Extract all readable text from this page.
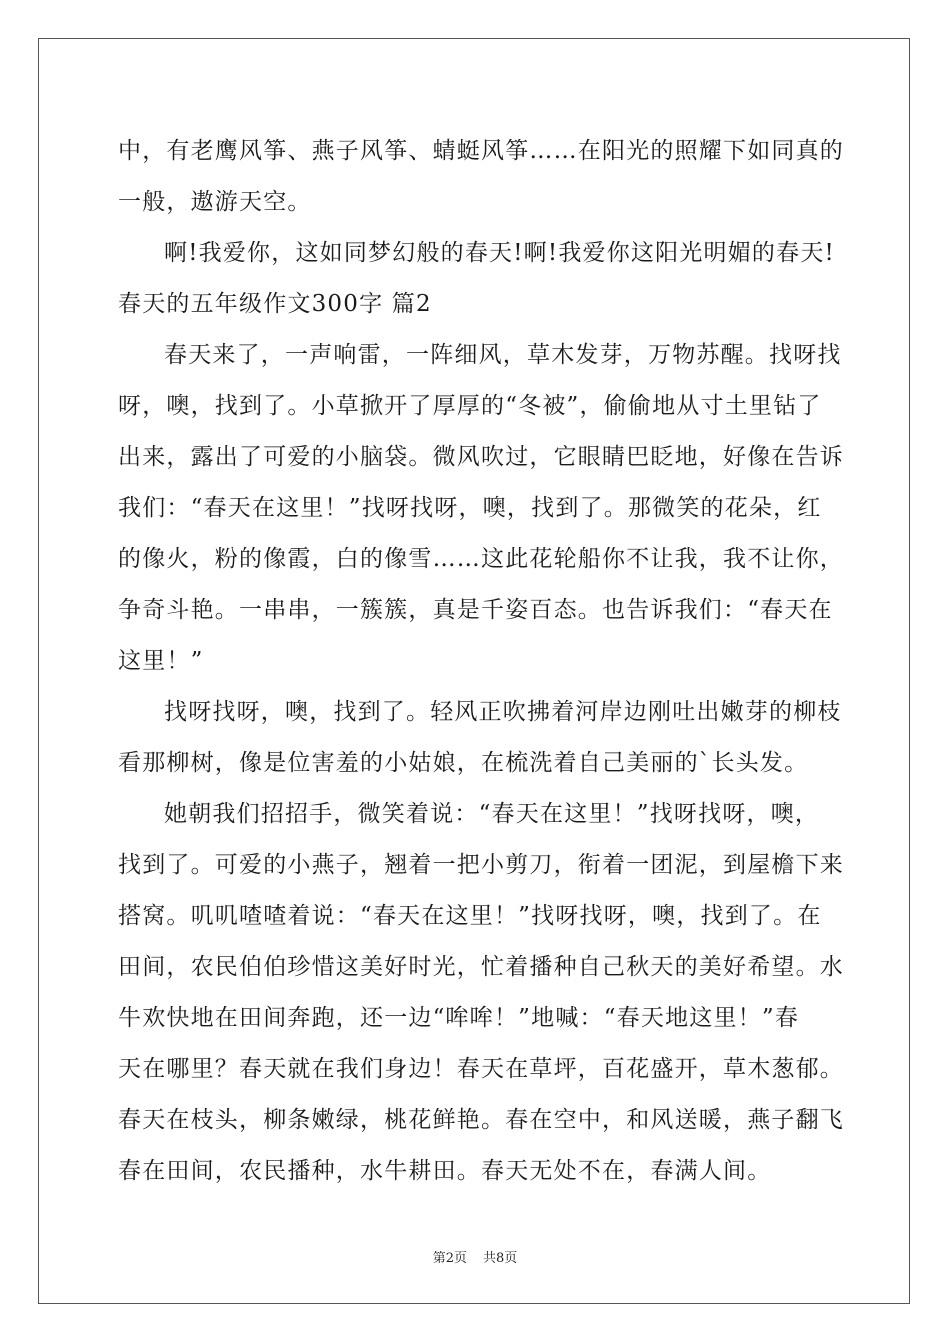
中，有老鹰风筝、燕子风筝、蜻蜓风筝……在阳光的照耀下如同真的
一般，遨游天空。
啊!我爱你，这如同梦幻般的春天!啊!我爱你这阳光明媚的春天!
春天的五年级作文300字 篇2
春天来了，一声响雷，一阵细风，草木发芽，万物苏醒。找呀找
呀，噢，找到了。小草掀开了厚厚的“冬被”，偷偷地从寸土里钻了
出来，露出了可爱的小脑袋。微风吹过，它眼睛巴眨地，好像在告诉
我们：“春天在这里！”找呀找呀，噢，找到了。那微笑的花朵，红
的像火，粉的像霞，白的像雪……这此花轮船你不让我，我不让你，
争奇斗艳。一串串，一簇簇，真是千姿百态。也告诉我们：“春天在
这里！”
找呀找呀，噢，找到了。轻风正吹拂着河岸边刚吐出嫩芽的柳枝
看那柳树，像是位害羞的小姑娘，在梳洗着自己美丽的`长头发。
她朝我们招招手，微笑着说：“春天在这里！”找呀找呀，噢，
找到了。可爱的小燕子，翘着一把小剪刀，衔着一团泥，到屋檐下来
搭窝。叽叽喳喳着说：“春天在这里！”找呀找呀，噢，找到了。在
田间，农民伯伯珍惜这美好时光，忙着播种自己秋天的美好希望。水
牛欢快地在田间奔跑，还一边“哞哞！”地喊：“春天地这里！”春
天在哪里？春天就在我们身边！春天在草坪，百花盛开，草木葱郁。
春天在枝头，柳条嫩绿，桃花鲜艳。春在空中，和风送暖，燕子翻飞
春在田间，农民播种，水牛耕田。春天无处不在，春满人间。
第2页 共8页
